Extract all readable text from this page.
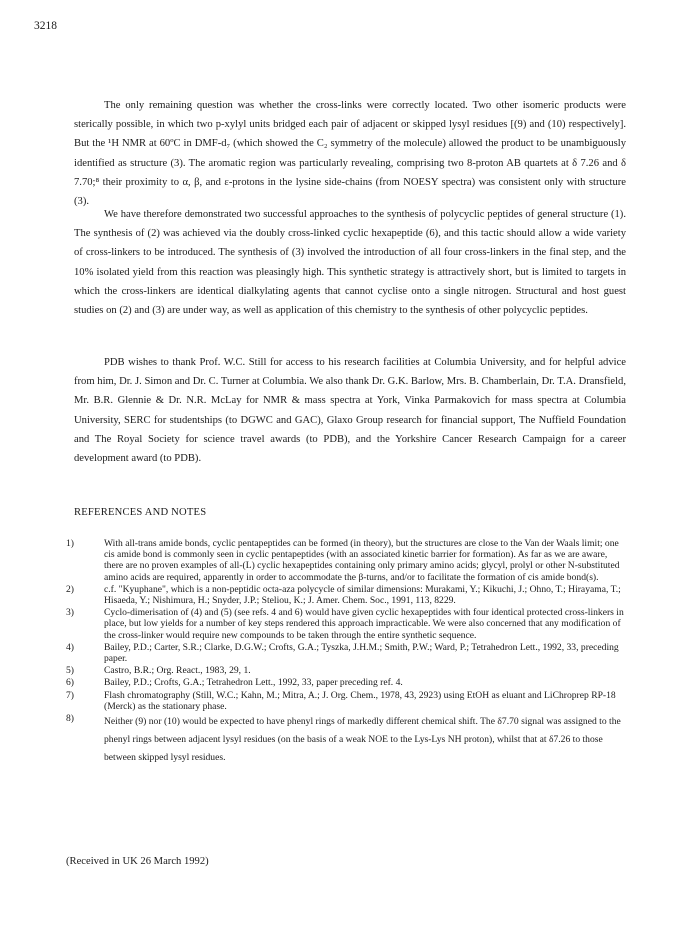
3218

The only remaining question was whether the cross-links were correctly located. Two other isomeric products were sterically possible, in which two p-xylyl units bridged each pair of adjacent or skipped lysyl residues [(9) and (10) respectively]. But the ¹H NMR at 60ºC in DMF-d₇ (which showed the C₂ symmetry of the molecule) allowed the product to be unambiguously identified as structure (3). The aromatic region was particularly revealing, comprising two 8-proton AB quartets at δ 7.26 and δ 7.70;⁸ their proximity to α, β, and ε-protons in the lysine side-chains (from NOESY spectra) was consistent only with structure (3).

We have therefore demonstrated two successful approaches to the synthesis of polycyclic peptides of general structure (1). The synthesis of (2) was achieved via the doubly cross-linked cyclic hexapeptide (6), and this tactic should allow a wide variety of cross-linkers to be introduced. The synthesis of (3) involved the introduction of all four cross-linkers in the final step, and the 10% isolated yield from this reaction was pleasingly high. This synthetic strategy is attractively short, but is limited to targets in which the cross-linkers are identical dialkylating agents that cannot cyclise onto a single nitrogen. Structural and host guest studies on (2) and (3) are under way, as well as application of this chemistry to the synthesis of other polycyclic peptides.

PDB wishes to thank Prof. W.C. Still for access to his research facilities at Columbia University, and for helpful advice from him, Dr. J. Simon and Dr. C. Turner at Columbia. We also thank Dr. G.K. Barlow, Mrs. B. Chamberlain, Dr. T.A. Dransfield, Mr. B.R. Glennie & Dr. N.R. McLay for NMR & mass spectra at York, Vinka Parmakovich for mass spectra at Columbia University, SERC for studentships (to DGWC and GAC), Glaxo Group research for financial support, The Nuffield Foundation and The Royal Society for science travel awards (to PDB), and the Yorkshire Cancer Research Campaign for a career development award (to PDB).

REFERENCES AND NOTES
1)	With all-trans amide bonds, cyclic pentapeptides can be formed (in theory), but the structures are close to the Van der Waals limit; one cis amide bond is commonly seen in cyclic pentapeptides (with an associated kinetic barrier for formation). As far as we are aware, there are no proven examples of all-(L) cyclic hexapeptides containing only primary amino acids; glycyl, prolyl or other N-substituted amino acids are required, apparently in order to accommodate the β-turns, and/or to facilitate the formation of cis amide bond(s).
2)	c.f. "Kyuphane", which is a non-peptidic octa-aza polycycle of similar dimensions: Murakami, Y.; Kikuchi, J.; Ohno, T.; Hirayama, T.; Hisaeda, Y.; Nishimura, H.; Snyder, J.P.; Steliou, K.; J. Amer. Chem. Soc., 1991, 113, 8229.
3)	Cyclo-dimerisation of (4) and (5) (see refs. 4 and 6) would have given cyclic hexapeptides with four identical protected cross-linkers in place, but low yields for a number of key steps rendered this approach impracticable. We were also concerned that any modification of the cross-linker would require new compounds to be taken through the entire synthetic sequence.
4)	Bailey, P.D.; Carter, S.R.; Clarke, D.G.W.; Crofts, G.A.; Tyszka, J.H.M.; Smith, P.W.; Ward, P.; Tetrahedron Lett., 1992, 33, preceding paper.
5)	Castro, B.R.; Org. React., 1983, 29, 1.
6)	Bailey, P.D.; Crofts, G.A.; Tetrahedron Lett., 1992, 33, paper preceding ref. 4.
7)	Flash chromatography (Still, W.C.; Kahn, M.; Mitra, A.; J. Org. Chem., 1978, 43, 2923) using EtOH as eluant and LiChroprep RP-18 (Merck) as the stationary phase.
8)	Neither (9) nor (10) would be expected to have phenyl rings of markedly different chemical shift. The δ7.70 signal was assigned to the phenyl rings between adjacent lysyl residues (on the basis of a weak NOE to the Lys-Lys NH proton), whilst that at δ7.26 to those between skipped lysyl residues.
(Received in UK 26 March 1992)
